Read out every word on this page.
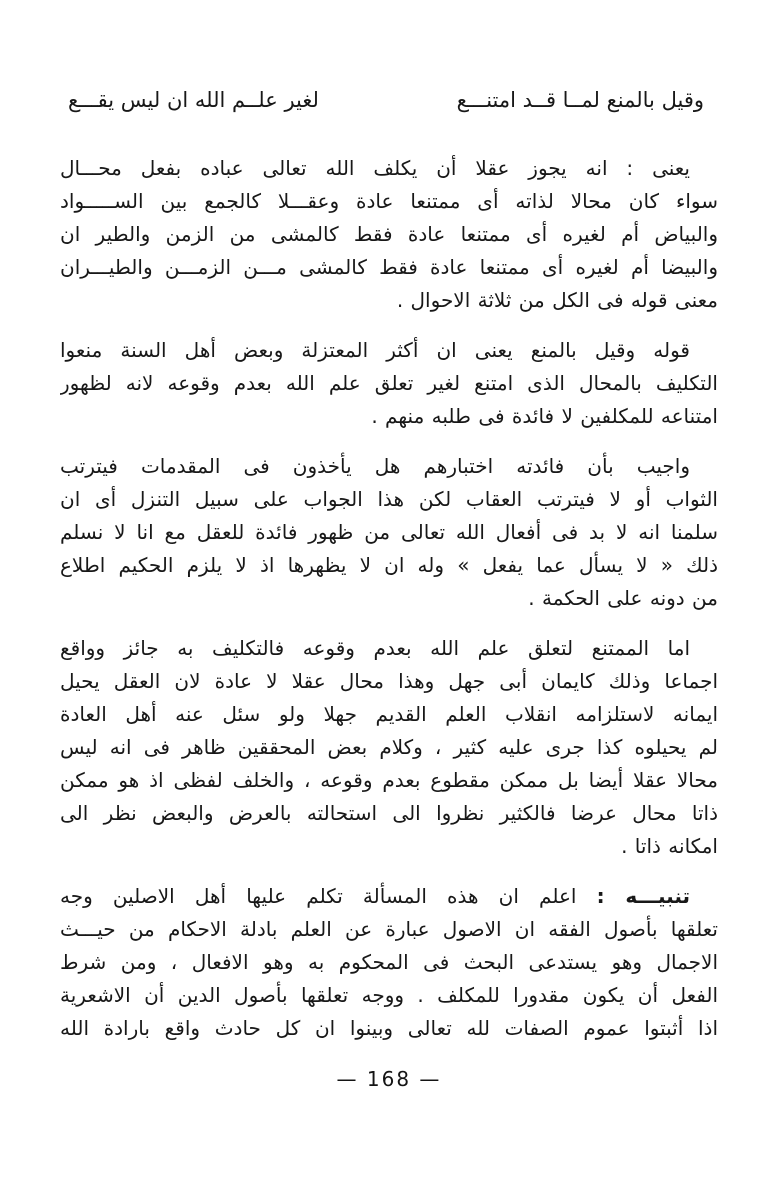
وقيل بالمنع لمــا قــد امتنـــع
لغير علــم الله ان ليس يقـــع
يعنى : انه يجوز عقلا أن يكلف الله تعالى عباده بفعل محـــال
سواء كان محالا لذاته أى ممتنعا عادة وعقـــلا كالجمع بين الســـــواد
والبياض أم لغيره أى ممتنعا عادة فقط كالمشى من الزمن والطير ان
والبيضا أم لغيره أى ممتنعا عادة فقط كالمشى مـــن الزمـــن والطيـــران
معنى قوله فى الكل من ثلاثة الاحوال .
قوله وقيل بالمنع يعنى ان أكثر المعتزلة وبعض أهل السنة منعوا
التكليف بالمحال الذى امتنع لغير تعلق علم الله بعدم وقوعه لانه لظهور
امتناعه للمكلفين لا فائدة فى طلبه منهم .
واجيب بأن فائدته اختبارهم هل يأخذون فى المقدمات فيترتب
الثواب أو لا فيترتب العقاب لكن هذا الجواب على سبيل التنزل أى ان
سلمنا انه لا بد فى أفعال الله تعالى من ظهور فائدة للعقل مع انا لا نسلم
ذلك « لا يسأل عما يفعل » وله ان لا يظهرها اذ لا يلزم الحكيم اطلاع
من دونه على الحكمة .
اما الممتنع لتعلق علم الله بعدم وقوعه فالتكليف به جائز وواقع
اجماعا وذلك كايمان أبى جهل وهذا محال عقلا لا عادة لان العقل يحيل
ايمانه لاستلزامه انقلاب العلم القديم جهلا ولو سئل عنه أهل العادة
لم يحيلوه كذا جرى عليه كثير ، وكلام بعض المحققين ظاهر فى انه ليس
محالا عقلا أيضا بل ممكن مقطوع بعدم وقوعه ، والخلف لفظى اذ هو ممكن
ذاتا محال عرضا فالكثير نظروا الى استحالته بالعرض والبعض نظر الى
امكانه ذاتا .
تنبيـــه : اعلم ان هذه المسألة تكلم عليها أهل الاصلين وجه
تعلقها بأصول الفقه ان الاصول عبارة عن العلم بادلة الاحكام من حيـــث
الاجمال وهو يستدعى البحث فى المحكوم به وهو الافعال ، ومن شرط
الفعل أن يكون مقدورا للمكلف . ووجه تعلقها بأصول الدين أن الاشعرية
اذا أثبتوا عموم الصفات لله تعالى وبينوا ان كل حادث واقع بارادة الله
— 168 —
